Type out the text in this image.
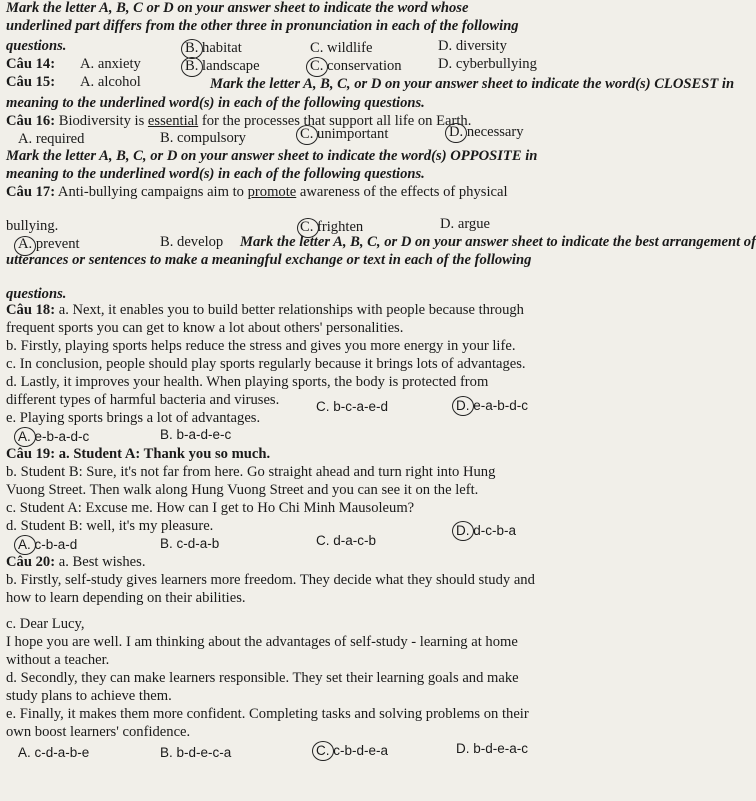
Mark the letter A, B, C or D on your answer sheet to indicate the word whose
underlined part differs from the other three in pronunciation in each of the following
questions.
Câu 14:	A. anxiety
B. habitat	C. wildlife	D. diversity
Câu 15:	A. alcohol
B. landscape	C. conservation D. cyberbullying
Mark the letter A, B, C, or D on your answer sheet to indicate the word(s) CLOSEST in
meaning to the underlined word(s) in each of the following questions.
Câu 16: Biodiversity is essential for the processes that support all life on Earth.
A. required	B. compulsory	C. unimportant	D. necessary
Mark the letter A, B, C, or D on your answer sheet to indicate the word(s) OPPOSITE in
meaning to the underlined word(s) in each of the following questions.
Câu 17: Anti-bullying campaigns aim to promote awareness of the effects of physical
bullying.
A. prevent	B. develop
C. frighten	D. argue
Mark the letter A, B, C, or D on your answer sheet to indicate the best arrangement of
utterances or sentences to make a meaningful exchange or text in each of the following
questions.
Câu 18: a. Next, it enables you to build better relationships with people because through
frequent sports you can get to know a lot about others' personalities.
b. Firstly, playing sports helps reduce the stress and gives you more energy in your life.
c. In conclusion, people should play sports regularly because it brings lots of advantages.
d. Lastly, it improves your health. When playing sports, the body is protected from
different types of harmful bacteria and viruses.
e. Playing sports brings a lot of advantages.
A. e-b-a-d-c	B. b-a-d-e-c
C. b-c-a-e-d	D. e-a-b-d-c
Câu 19: a. Student A: Thank you so much.
b. Student B: Sure, it's not far from here. Go straight ahead and turn right into Hung
Vuong Street. Then walk along Hung Vuong Street and you can see it on the left.
c. Student A: Excuse me. How can I get to Ho Chi Minh Mausoleum?
d. Student B: well, it's my pleasure.
A. c-b-a-d	B. c-d-a-b	C. d-a-c-b
D. d-c-b-a
Câu 20: a. Best wishes.
b. Firstly, self-study gives learners more freedom. They decide what they should study and
how to learn depending on their abilities.
c. Dear Lucy,
I hope you are well. I am thinking about the advantages of self-study - learning at home
without a teacher.
d. Secondly, they can make learners responsible. They set their learning goals and make
study plans to achieve them.
e. Finally, it makes them more confident. Completing tasks and solving problems on their
own boost learners' confidence.
A. c-d-a-b-e	B. b-d-e-c-a	C. c-b-d-e-a	D. b-d-e-a-c
